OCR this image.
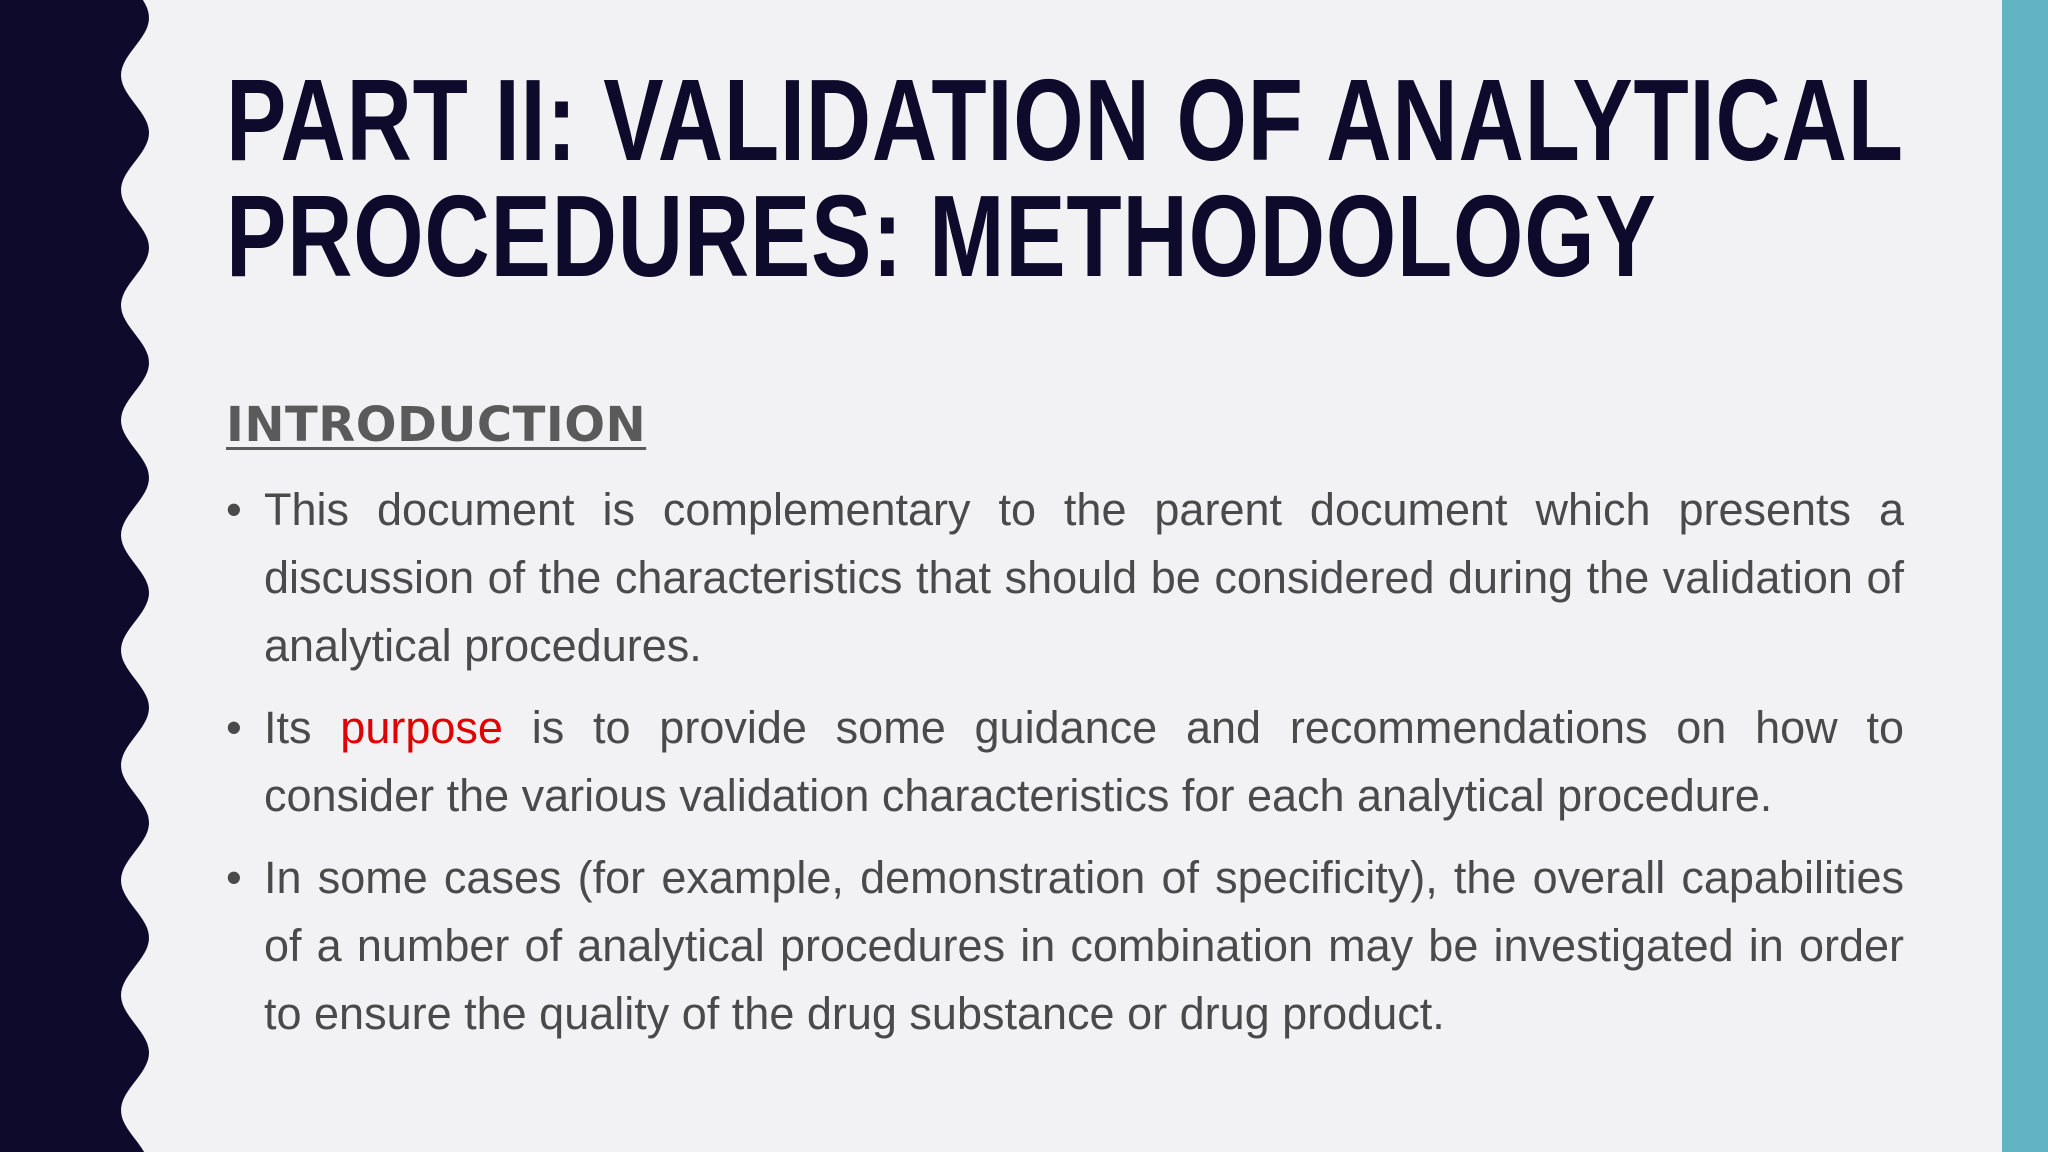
PART II: VALIDATION OF ANALYTICAL
PROCEDURES: METHODOLOGY
INTRODUCTION
• This document is complementary to the parent document which presents a discussion of the characteristics that should be considered during the validation of analytical procedures.
• Its purpose is to provide some guidance and recommendations on how to consider the various validation characteristics for each analytical procedure.
• In some cases (for example, demonstration of specificity), the overall capabilities of a number of analytical procedures in combination may be investigated in order to ensure the quality of the drug substance or drug product.
